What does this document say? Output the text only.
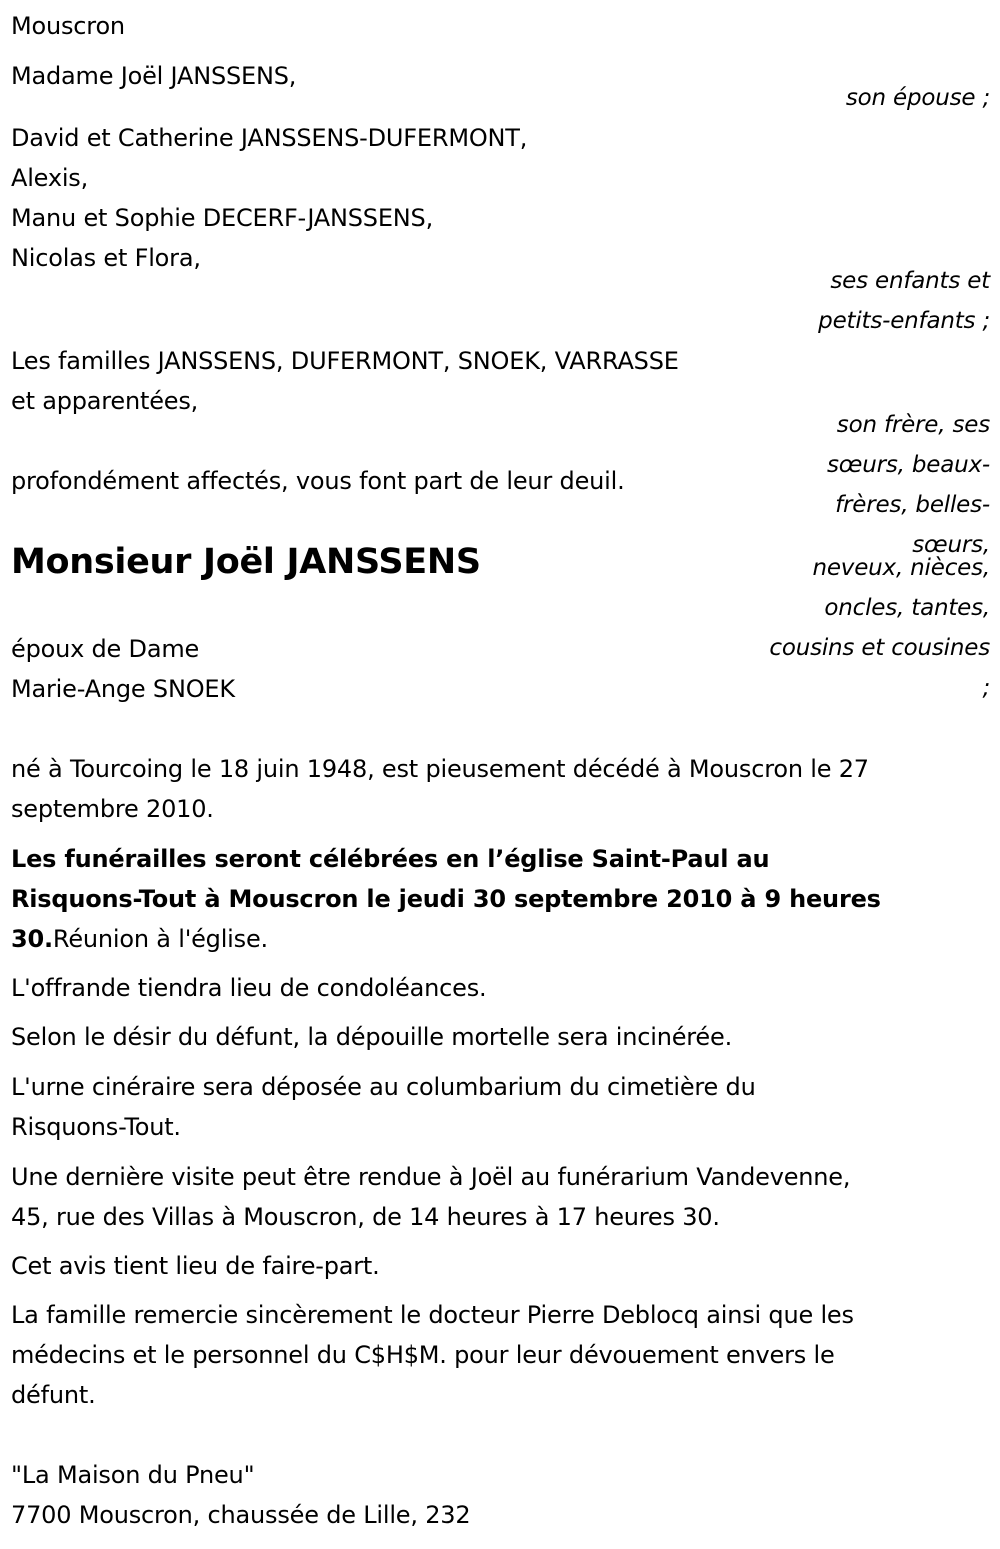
Mouscron
Madame Joël JANSSENS,
son épouse ;
David et Catherine JANSSENS-DUFERMONT,
Alexis,
Manu et Sophie DECERF-JANSSENS,
Nicolas et Flora,
ses enfants et
petits-enfants ;
Les familles JANSSENS, DUFERMONT, SNOEK, VARRASSE
et apparentées,
son frère, ses
sœurs, beaux-
frères, belles-
sœurs,
neveux, nièces,
oncles, tantes,
cousins et cousines
;
profondément affectés, vous font part de leur deuil.
Monsieur Joël JANSSENS
époux de Dame
Marie-Ange SNOEK
né à Tourcoing le 18 juin 1948, est pieusement décédé à Mouscron le 27
septembre 2010.
Les funérailles seront célébrées en l’église Saint-Paul au
Risquons-Tout à Mouscron le jeudi 30 septembre 2010 à 9 heures
30.Réunion à l'église.
L'offrande tiendra lieu de condoléances.
Selon le désir du défunt, la dépouille mortelle sera incinérée.
L'urne cinéraire sera déposée au columbarium du cimetière du
Risquons-Tout.
Une dernière visite peut être rendue à Joël au funérarium Vandevenne,
45, rue des Villas à Mouscron, de 14 heures à 17 heures 30.
Cet avis tient lieu de faire-part.
La famille remercie sincèrement le docteur Pierre Deblocq ainsi que les
médecins et le personnel du C$H$M. pour leur dévouement envers le
défunt.
"La Maison du Pneu"
7700 Mouscron, chaussée de Lille, 232
